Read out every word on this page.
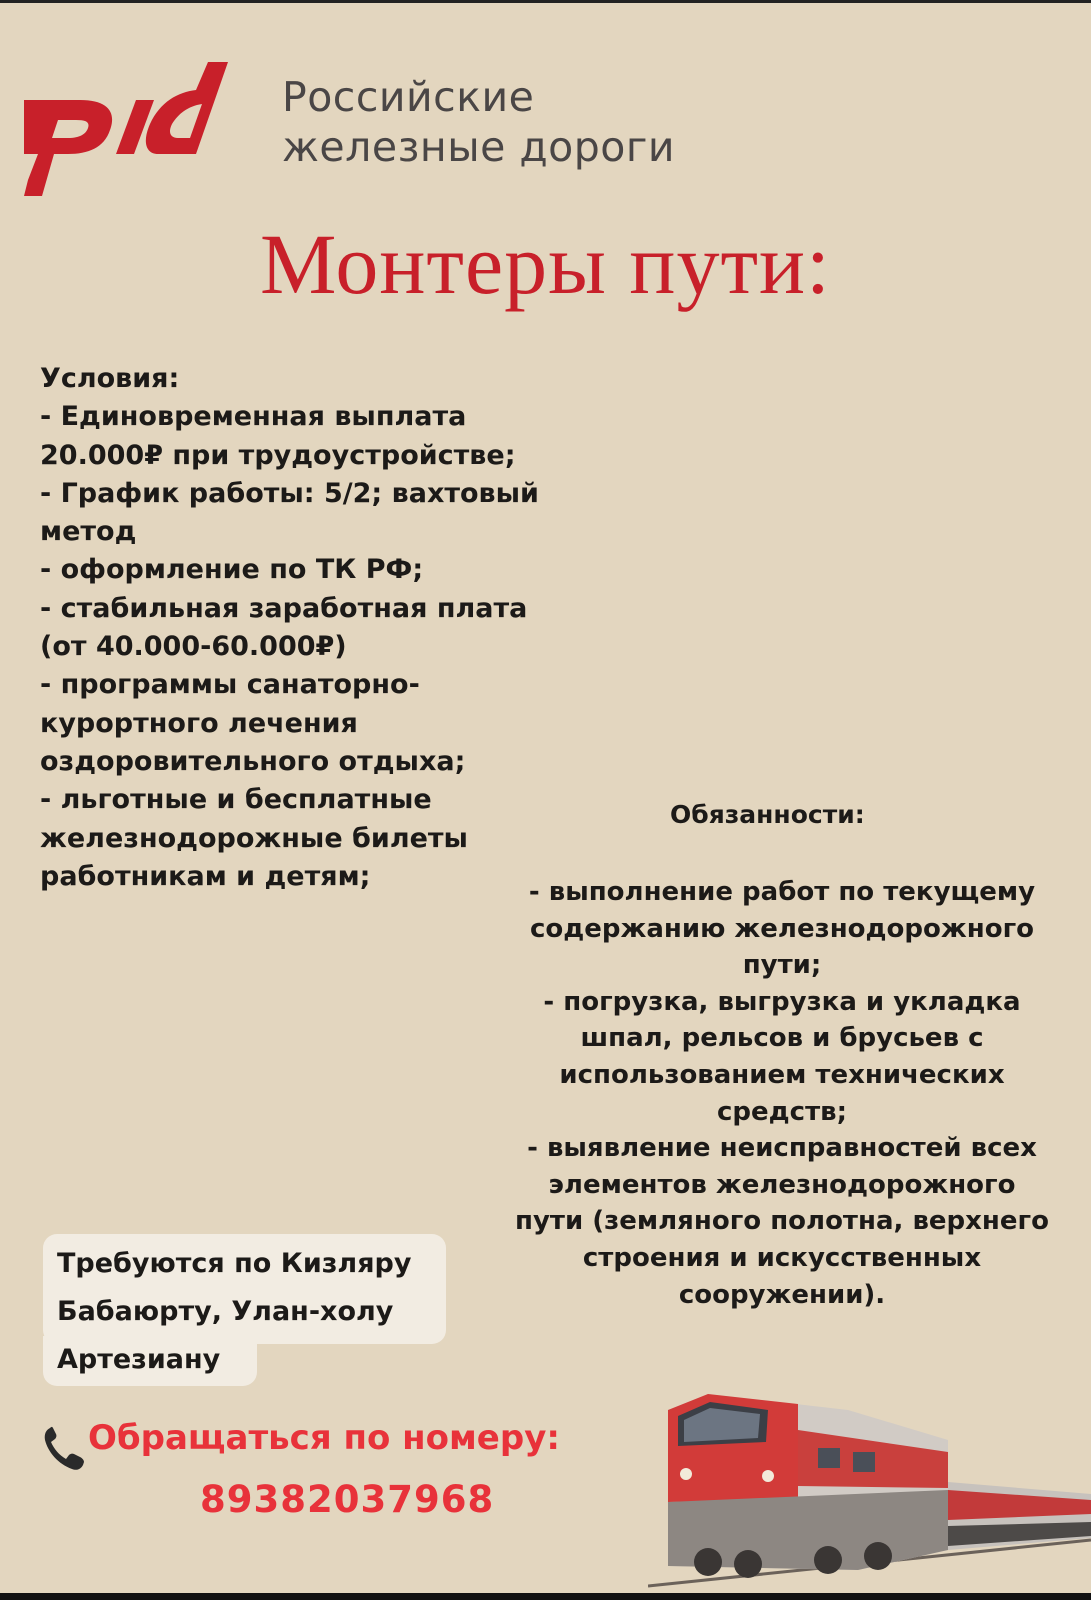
Российские
железные дороги
Монтеры пути:
Условия:
- Единовременная выплата
20.000₽ при трудоустройстве;
- График работы: 5/2; вахтовый
метод
- оформление по ТК РФ;
- стабильная заработная плата
(от 40.000-60.000₽)
- программы санаторно-
курортного лечения
оздоровительного отдыха;
- льготные и бесплатные
железнодорожные билеты
работникам и детям;
Обязанности:
- выполнение работ по текущему
содержанию железнодорожного
пути;
- погрузка, выгрузка и укладка
шпал, рельсов и брусьев с
использованием технических
средств;
- выявление неисправностей всех
элементов железнодорожного
пути (земляного полотна, верхнего
строения и искусственных
сооружении).
Требуются по Кизляру
Бабаюрту, Улан-холу
Артезиану
Обращаться по номеру:
89382037968
